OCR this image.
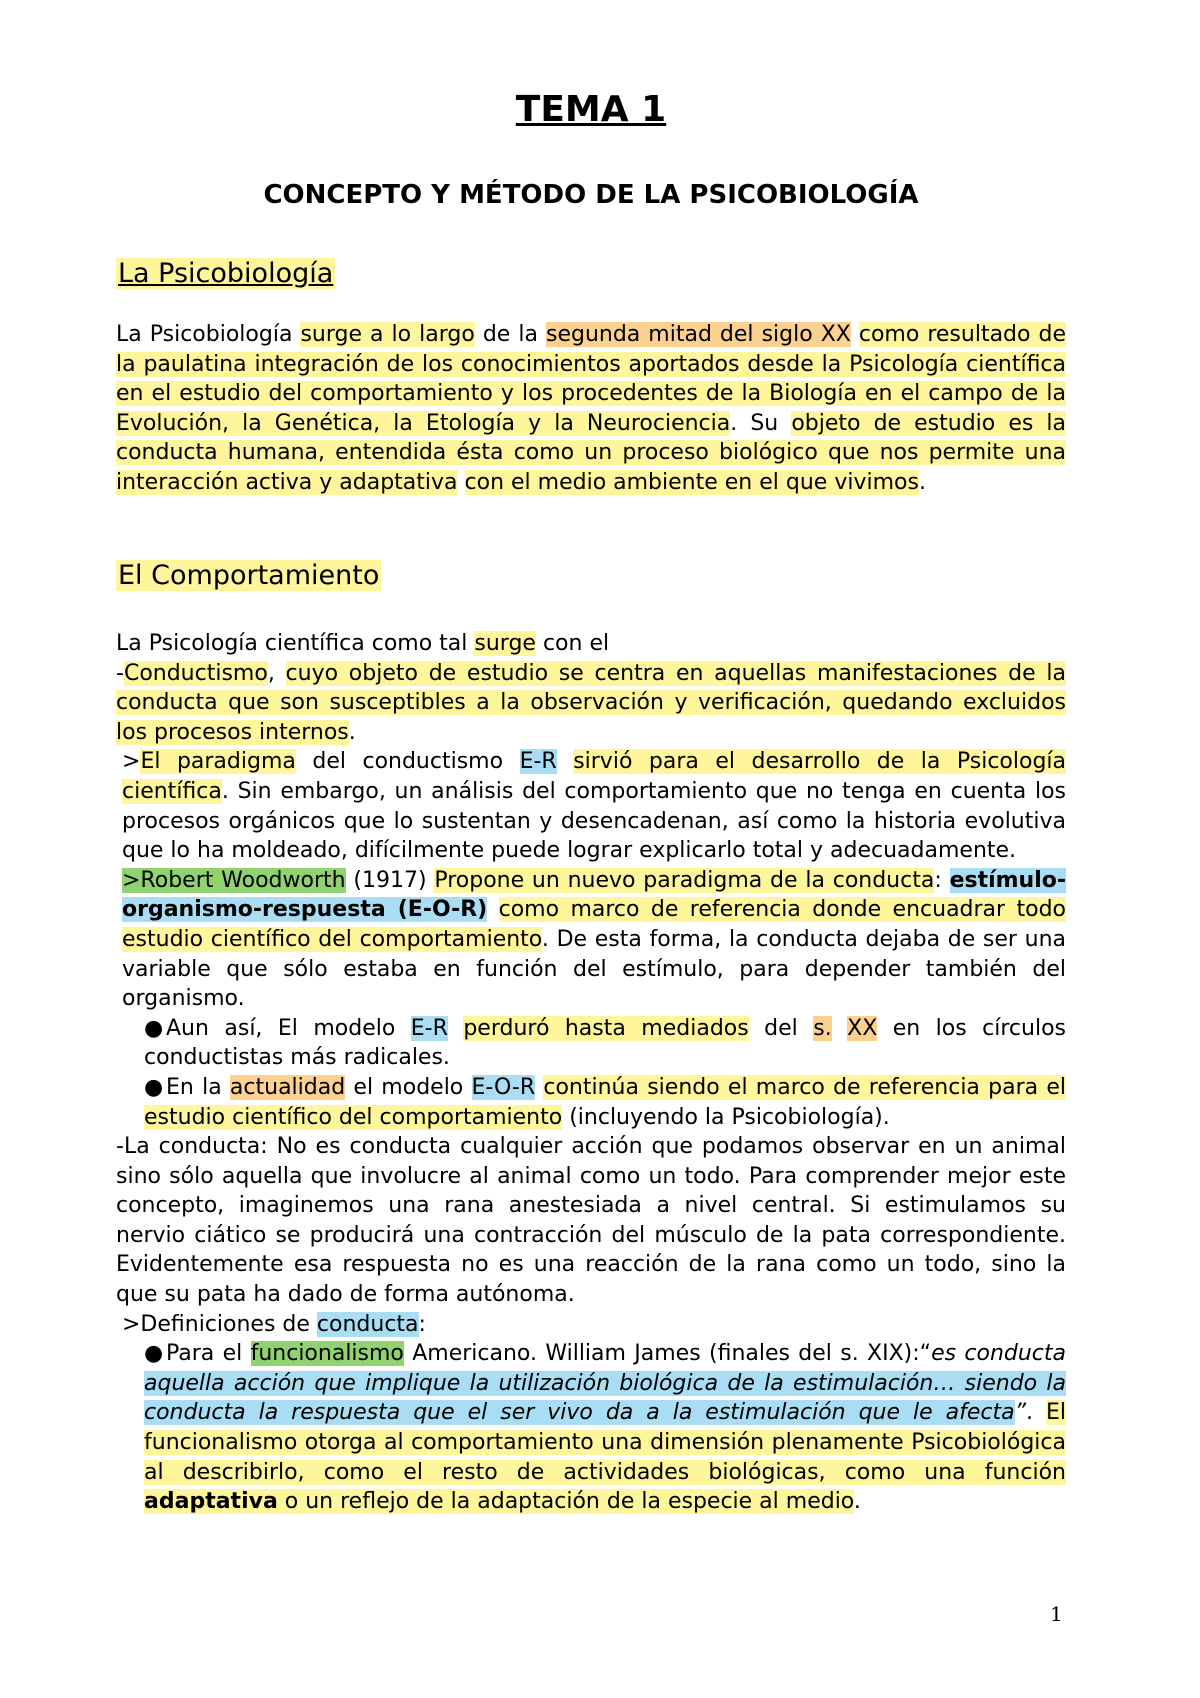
TEMA 1
CONCEPTO Y MÉTODO DE LA PSICOBIOLOGÍA
La Psicobiología

La Psicobiología surge a lo largo de la segunda mitad del siglo XX como resultado de la paulatina integración de los conocimientos aportados desde la Psicología científica en el estudio del comportamiento y los procedentes de la Biología en el campo de la Evolución, la Genética, la Etología y la Neurociencia. Su objeto de estudio es la conducta humana, entendida ésta como un proceso biológico que nos permite una interacción activa y adaptativa con el medio ambiente en el que vivimos.

El Comportamiento

La Psicología científica como tal surge con el

-Conductismo, cuyo objeto de estudio se centra en aquellas manifestaciones de la conducta que son susceptibles a la observación y verificación, quedando excluidos los procesos internos.

>El paradigma del conductismo E-R sirvió para el desarrollo de la Psicología científica. Sin embargo, un análisis del comportamiento que no tenga en cuenta los procesos orgánicos que lo sustentan y desencadenan, así como la historia evolutiva que lo ha moldeado, difícilmente puede lograr explicarlo total y adecuadamente.

>Robert Woodworth (1917) Propone un nuevo paradigma de la conducta: estímulo-organismo-respuesta (E-O-R) como marco de referencia donde encuadrar todo estudio científico del comportamiento. De esta forma, la conducta dejaba de ser una variable que sólo estaba en función del estímulo, para depender también del organismo.

● Aun así, El modelo E-R perduró hasta mediados del s. XX en los círculos conductistas más radicales.

● En la actualidad el modelo E-O-R continúa siendo el marco de referencia para el estudio científico del comportamiento (incluyendo la Psicobiología).

-La conducta: No es conducta cualquier acción que podamos observar en un animal sino sólo aquella que involucre al animal como un todo. Para comprender mejor este concepto, imaginemos una rana anestesiada a nivel central. Si estimulamos su nervio ciático se producirá una contracción del músculo de la pata correspondiente. Evidentemente esa respuesta no es una reacción de la rana como un todo, sino la que su pata ha dado de forma autónoma.

>Definiciones de conducta:

● Para el funcionalismo Americano. William James (finales del s. XIX):“es conducta aquella acción que implique la utilización biológica de la estimulación… siendo la conducta la respuesta que el ser vivo da a la estimulación que le afecta”. El funcionalismo otorga al comportamiento una dimensión plenamente Psicobiológica al describirlo, como el resto de actividades biológicas, como una función adaptativa o un reflejo de la adaptación de la especie al medio.

1
